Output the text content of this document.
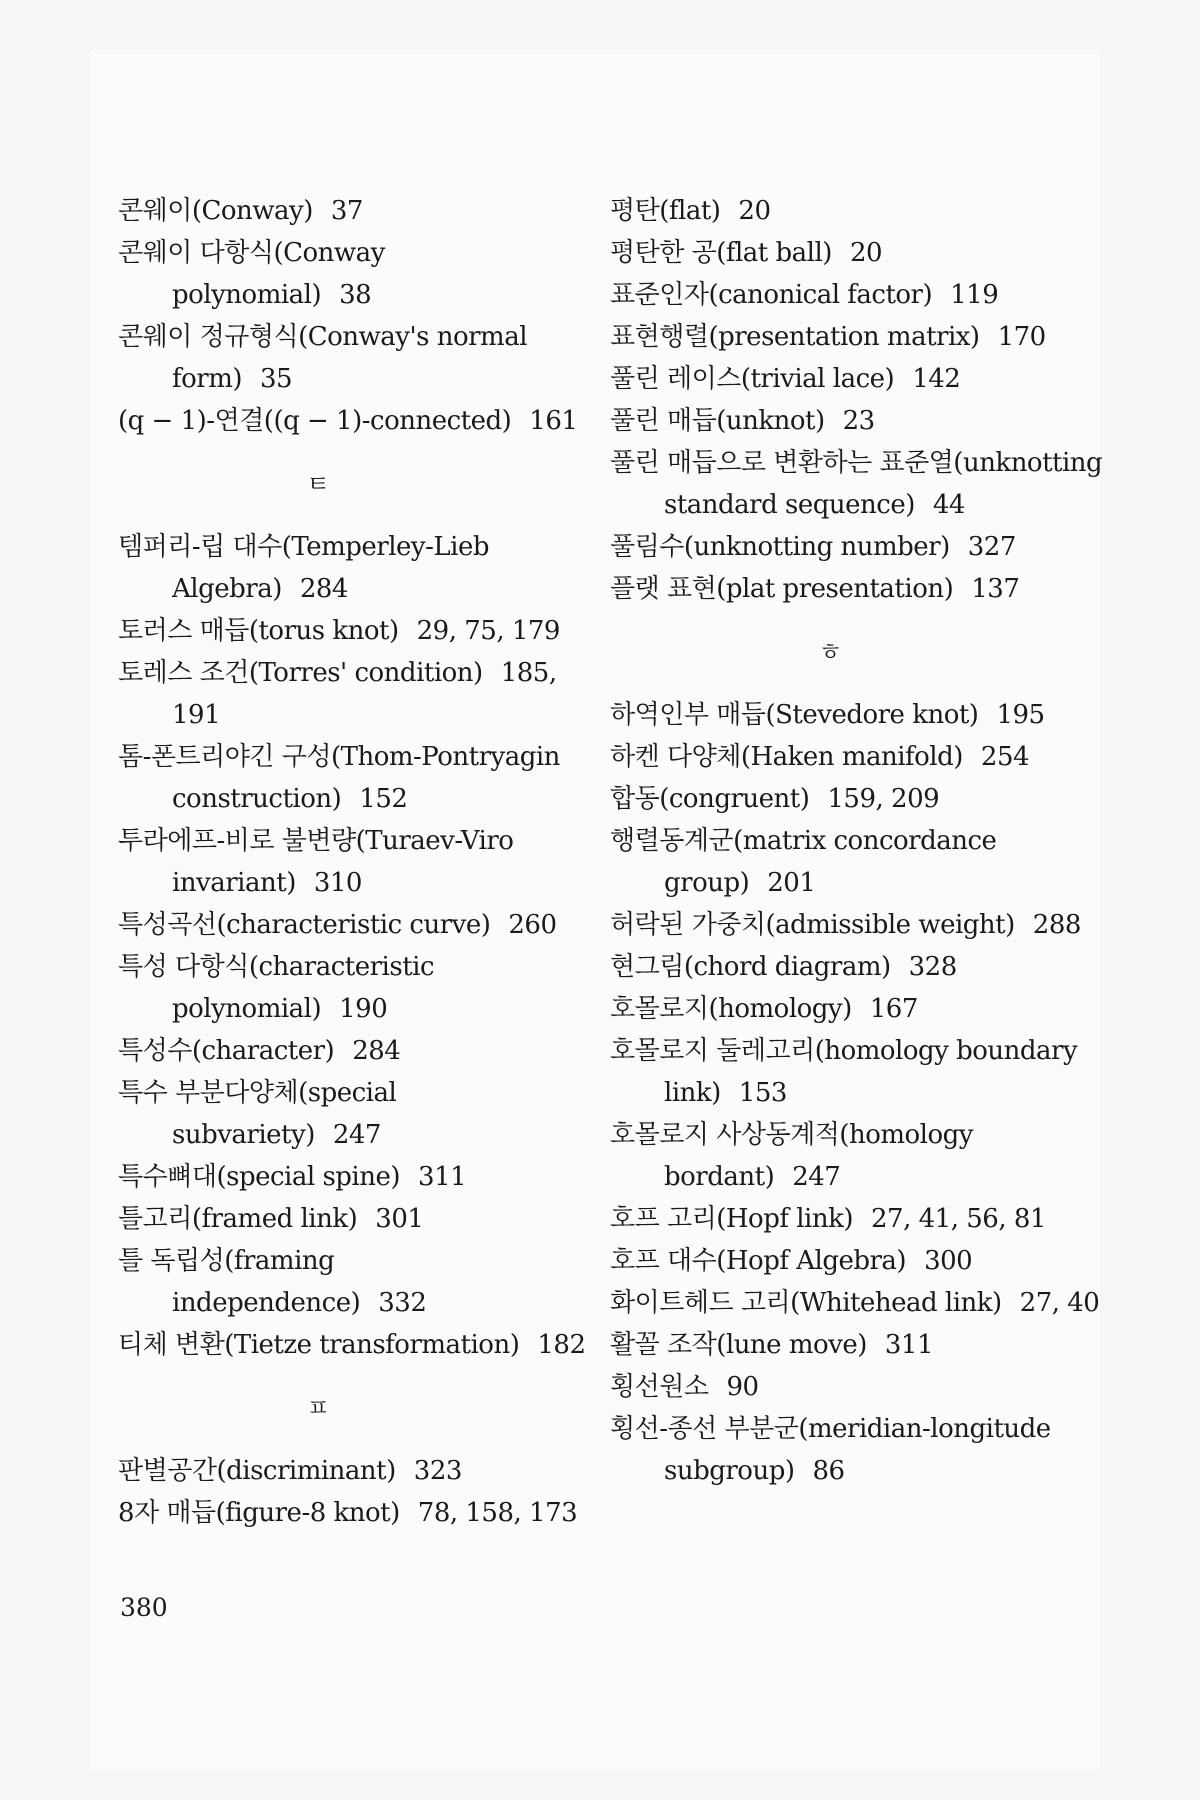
콘웨이(Conway) 37

콘웨이 다항식(Conway polynomial) 38

콘웨이 정규형식(Conway's normal form) 35

(q − 1)-연결((q − 1)-connected) 161

ㅌ

템퍼리-립 대수(Temperley-Lieb Algebra) 284

토러스 매듭(torus knot) 29, 75, 179

토레스 조건(Torres' condition) 185, 191

톰-폰트리야긴 구성(Thom-Pontryagin construction) 152

투라에프-비로 불변량(Turaev-Viro invariant) 310

특성곡선(characteristic curve) 260

특성 다항식(characteristic polynomial) 190

특성수(character) 284

특수 부분다양체(special subvariety) 247

특수뼈대(special spine) 311

틀고리(framed link) 301

틀 독립성(framing independence) 332

티체 변환(Tietze transformation) 182

ㅍ

판별공간(discriminant) 323

8자 매듭(figure-8 knot) 78, 158, 173

평탄(flat) 20

평탄한 공(flat ball) 20

표준인자(canonical factor) 119

표현행렬(presentation matrix) 170

풀린 레이스(trivial lace) 142

풀린 매듭(unknot) 23

풀린 매듭으로 변환하는 표준열(unknotting standard sequence) 44

풀림수(unknotting number) 327

플랫 표현(plat presentation) 137

ㅎ

하역인부 매듭(Stevedore knot) 195

하켄 다양체(Haken manifold) 254

합동(congruent) 159, 209

행렬동계군(matrix concordance group) 201

허락된 가중치(admissible weight) 288

현그림(chord diagram) 328

호몰로지(homology) 167

호몰로지 둘레고리(homology boundary link) 153

호몰로지 사상동계적(homology bordant) 247

호프 고리(Hopf link) 27, 41, 56, 81

호프 대수(Hopf Algebra) 300

화이트헤드 고리(Whitehead link) 27, 40

활꼴 조작(lune move) 311

횡선원소 90

횡선-종선 부분군(meridian-longitude subgroup) 86

380
